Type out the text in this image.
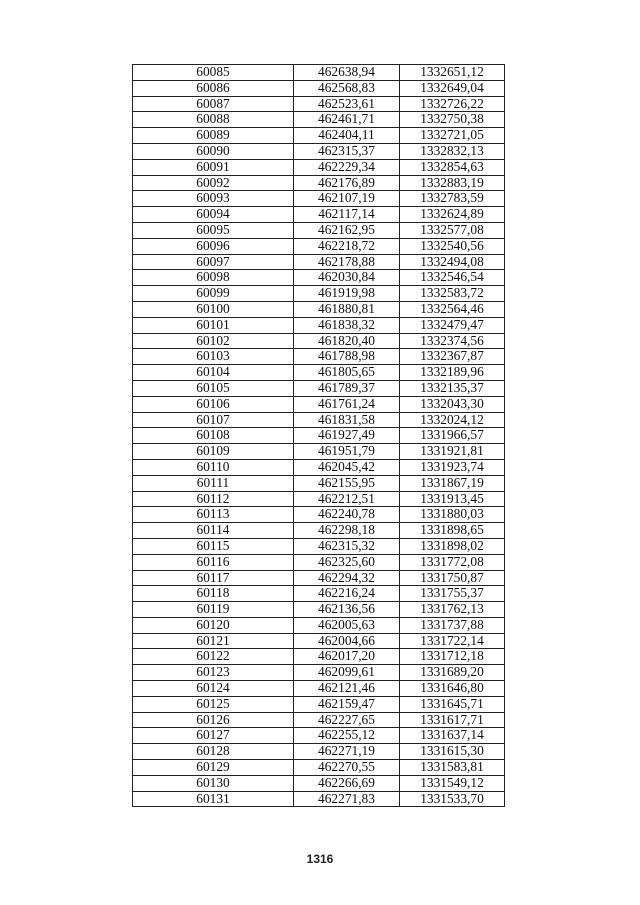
60085	462638,94	1332651,12
60086	462568,83	1332649,04
60087	462523,61	1332726,22
60088	462461,71	1332750,38
60089	462404,11	1332721,05
60090	462315,37	1332832,13
60091	462229,34	1332854,63
60092	462176,89	1332883,19
60093	462107,19	1332783,59
60094	462117,14	1332624,89
60095	462162,95	1332577,08
60096	462218,72	1332540,56
60097	462178,88	1332494,08
60098	462030,84	1332546,54
60099	461919,98	1332583,72
60100	461880,81	1332564,46
60101	461838,32	1332479,47
60102	461820,40	1332374,56
60103	461788,98	1332367,87
60104	461805,65	1332189,96
60105	461789,37	1332135,37
60106	461761,24	1332043,30
60107	461831,58	1332024,12
60108	461927,49	1331966,57
60109	461951,79	1331921,81
60110	462045,42	1331923,74
60111	462155,95	1331867,19
60112	462212,51	1331913,45
60113	462240,78	1331880,03
60114	462298,18	1331898,65
60115	462315,32	1331898,02
60116	462325,60	1331772,08
60117	462294,32	1331750,87
60118	462216,24	1331755,37
60119	462136,56	1331762,13
60120	462005,63	1331737,88
60121	462004,66	1331722,14
60122	462017,20	1331712,18
60123	462099,61	1331689,20
60124	462121,46	1331646,80
60125	462159,47	1331645,71
60126	462227,65	1331617,71
60127	462255,12	1331637,14
60128	462271,19	1331615,30
60129	462270,55	1331583,81
60130	462266,69	1331549,12
60131	462271,83	1331533,70
1316
